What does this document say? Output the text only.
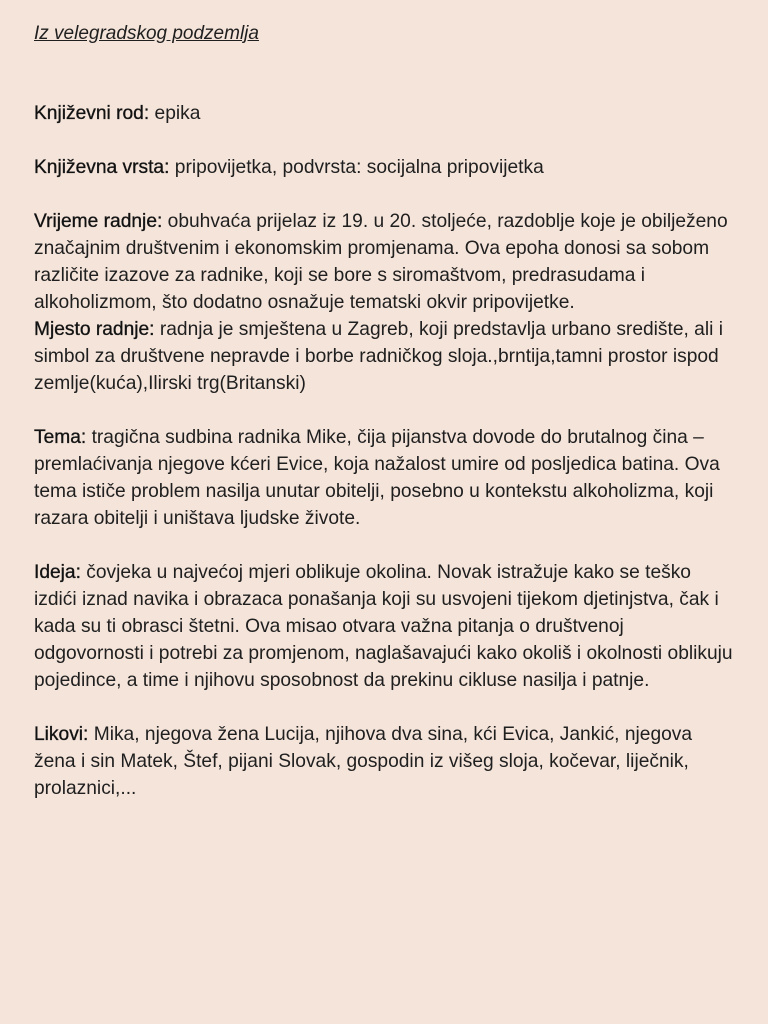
Iz velegradskog podzemlja

Književni rod: epika

Književna vrsta: pripovijetka, podvrsta: socijalna pripovijetka

Vrijeme radnje: obuhvaća prijelaz iz 19. u 20. stoljeće, razdoblje koje je obilježeno značajnim društvenim i ekonomskim promjenama. Ova epoha donosi sa sobom različite izazove za radnike, koji se bore s siromaštvom, predrasudama i alkoholizmom, što dodatno osnažuje tematski okvir pripovijetke.

Mjesto radnje: radnja je smještena u Zagreb, koji predstavlja urbano središte, ali i simbol za društvene nepravde i borbe radničkog sloja.,brntija,tamni prostor ispod zemlje(kuća),Ilirski trg(Britanski)

Tema: tragična sudbina radnika Mike, čija pijanstva dovode do brutalnog čina – premlaćivanja njegove kćeri Evice, koja nažalost umire od posljedica batina. Ova tema ističe problem nasilja unutar obitelji, posebno u kontekstu alkoholizma, koji razara obitelji i uništava ljudske živote.

Ideja: čovjeka u najvećoj mjeri oblikuje okolina. Novak istražuje kako se teško izdići iznad navika i obrazaca ponašanja koji su usvojeni tijekom djetinjstva, čak i kada su ti obrasci štetni. Ova misao otvara važna pitanja o društvenoj odgovornosti i potrebi za promjenom, naglašavajući kako okoliš i okolnosti oblikuju pojedince, a time i njihovu sposobnost da prekinu cikluse nasilja i patnje.

Likovi: Mika, njegova žena Lucija, njihova dva sina, kći Evica, Jankić, njegova žena i sin Matek, Štef, pijani Slovak, gospodin iz višeg sloja, kočevar, liječnik, prolaznici,...
